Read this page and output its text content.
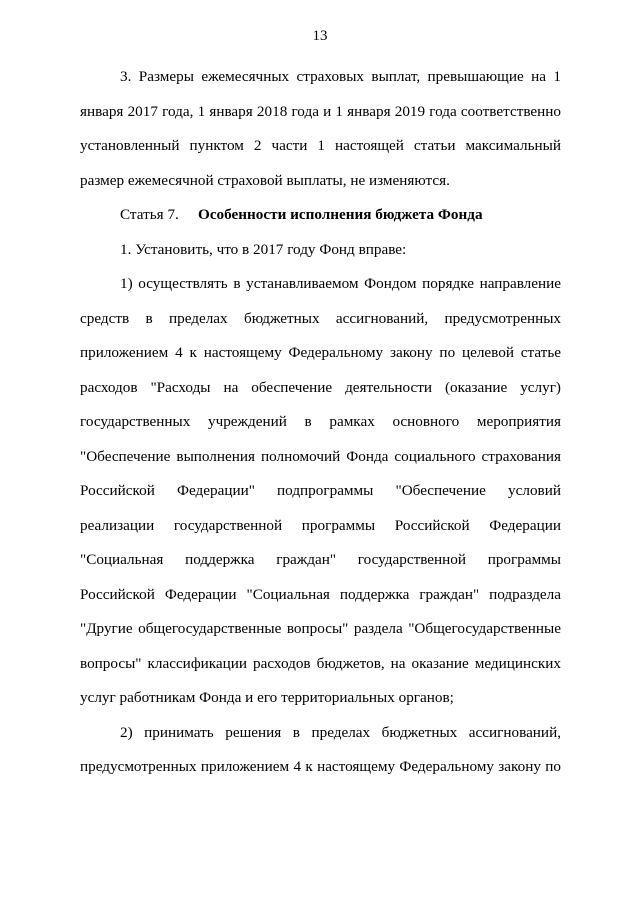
13

3. Размеры ежемесячных страховых выплат, превышающие на 1 января 2017 года, 1 января 2018 года и 1 января 2019 года соответственно установленный пунктом 2 части 1 настоящей статьи максимальный размер ежемесячной страховой выплаты, не изменяются.

Статья 7. Особенности исполнения бюджета Фонда

1. Установить, что в 2017 году Фонд вправе:

1) осуществлять в устанавливаемом Фондом порядке направление средств в пределах бюджетных ассигнований, предусмотренных приложением 4 к настоящему Федеральному закону по целевой статье расходов "Расходы на обеспечение деятельности (оказание услуг) государственных учреждений в рамках основного мероприятия "Обеспечение выполнения полномочий Фонда социального страхования Российской Федерации" подпрограммы "Обеспечение условий реализации государственной программы Российской Федерации "Социальная поддержка граждан" государственной программы Российской Федерации "Социальная поддержка граждан" подраздела "Другие общегосударственные вопросы" раздела "Общегосударственные вопросы" классификации расходов бюджетов, на оказание медицинских услуг работникам Фонда и его территориальных органов;

2) принимать решения в пределах бюджетных ассигнований, предусмотренных приложением 4 к настоящему Федеральному закону по
